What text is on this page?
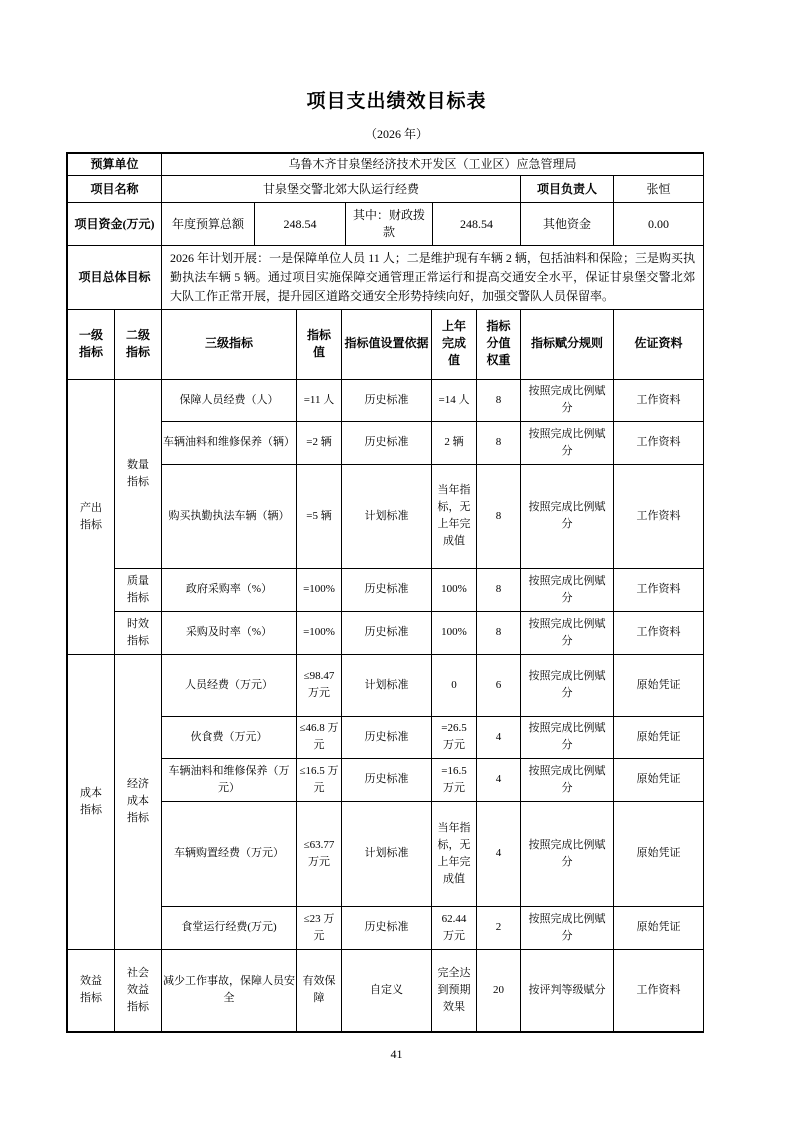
项目支出绩效目标表
（2026 年）
预算单位	乌鲁木齐甘泉堡经济技术开发区（工业区）应急管理局					
项目名称	甘泉堡交警北郊大队运行经费				项目负责人	张恒
项目资金(万元)	年度预算总额	248.54	其中：财政拨款	248.54	其他资金	0.00
项目总体目标	2026 年计划开展：一是保障单位人员 11 人；二是维护现有车辆 2 辆，包括油料和保险；三是购买执勤执法车辆 5 辆。通过项目实施保障交通管理正常运行和提高交通安全水平，保证甘泉堡交警北郊大队工作正常开展，提升园区道路交通安全形势持续向好，加强交警队人员保留率。					
一级指标	二级指标	三级指标	指标值	指标值设置依据	上年完成值	指标分值权重	指标赋分规则	佐证资料
产出指标	数量指标	保障人员经费（人）	=11 人	历史标准	=14 人	8	按照完成比例赋分	工作资料
		车辆油料和维修保养（辆）	=2 辆	历史标准	2 辆	8	按照完成比例赋分	工作资料
		购买执勤执法车辆（辆）	=5 辆	计划标准	当年指标，无上年完成值	8	按照完成比例赋分	工作资料
	质量指标	政府采购率（%）	=100%	历史标准	100%	8	按照完成比例赋分	工作资料
	时效指标	采购及时率（%）	=100%	历史标准	100%	8	按照完成比例赋分	工作资料
成本指标	经济成本指标	人员经费（万元）	≤98.47 万元	计划标准	0	6	按照完成比例赋分	原始凭证
		伙食费（万元）	≤46.8 万元	历史标准	=26.5 万元	4	按照完成比例赋分	原始凭证
		车辆油料和维修保养（万元）	≤16.5 万元	历史标准	=16.5 万元	4	按照完成比例赋分	原始凭证
		车辆购置经费（万元）	≤63.77 万元	计划标准	当年指标，无上年完成值	4	按照完成比例赋分	原始凭证
		食堂运行经费(万元)	≤23 万元	历史标准	62.44 万元	2	按照完成比例赋分	原始凭证
效益指标	社会效益指标	减少工作事故，保障人员安全	有效保障	自定义	完全达到预期效果	20	按评判等级赋分	工作资料
41
